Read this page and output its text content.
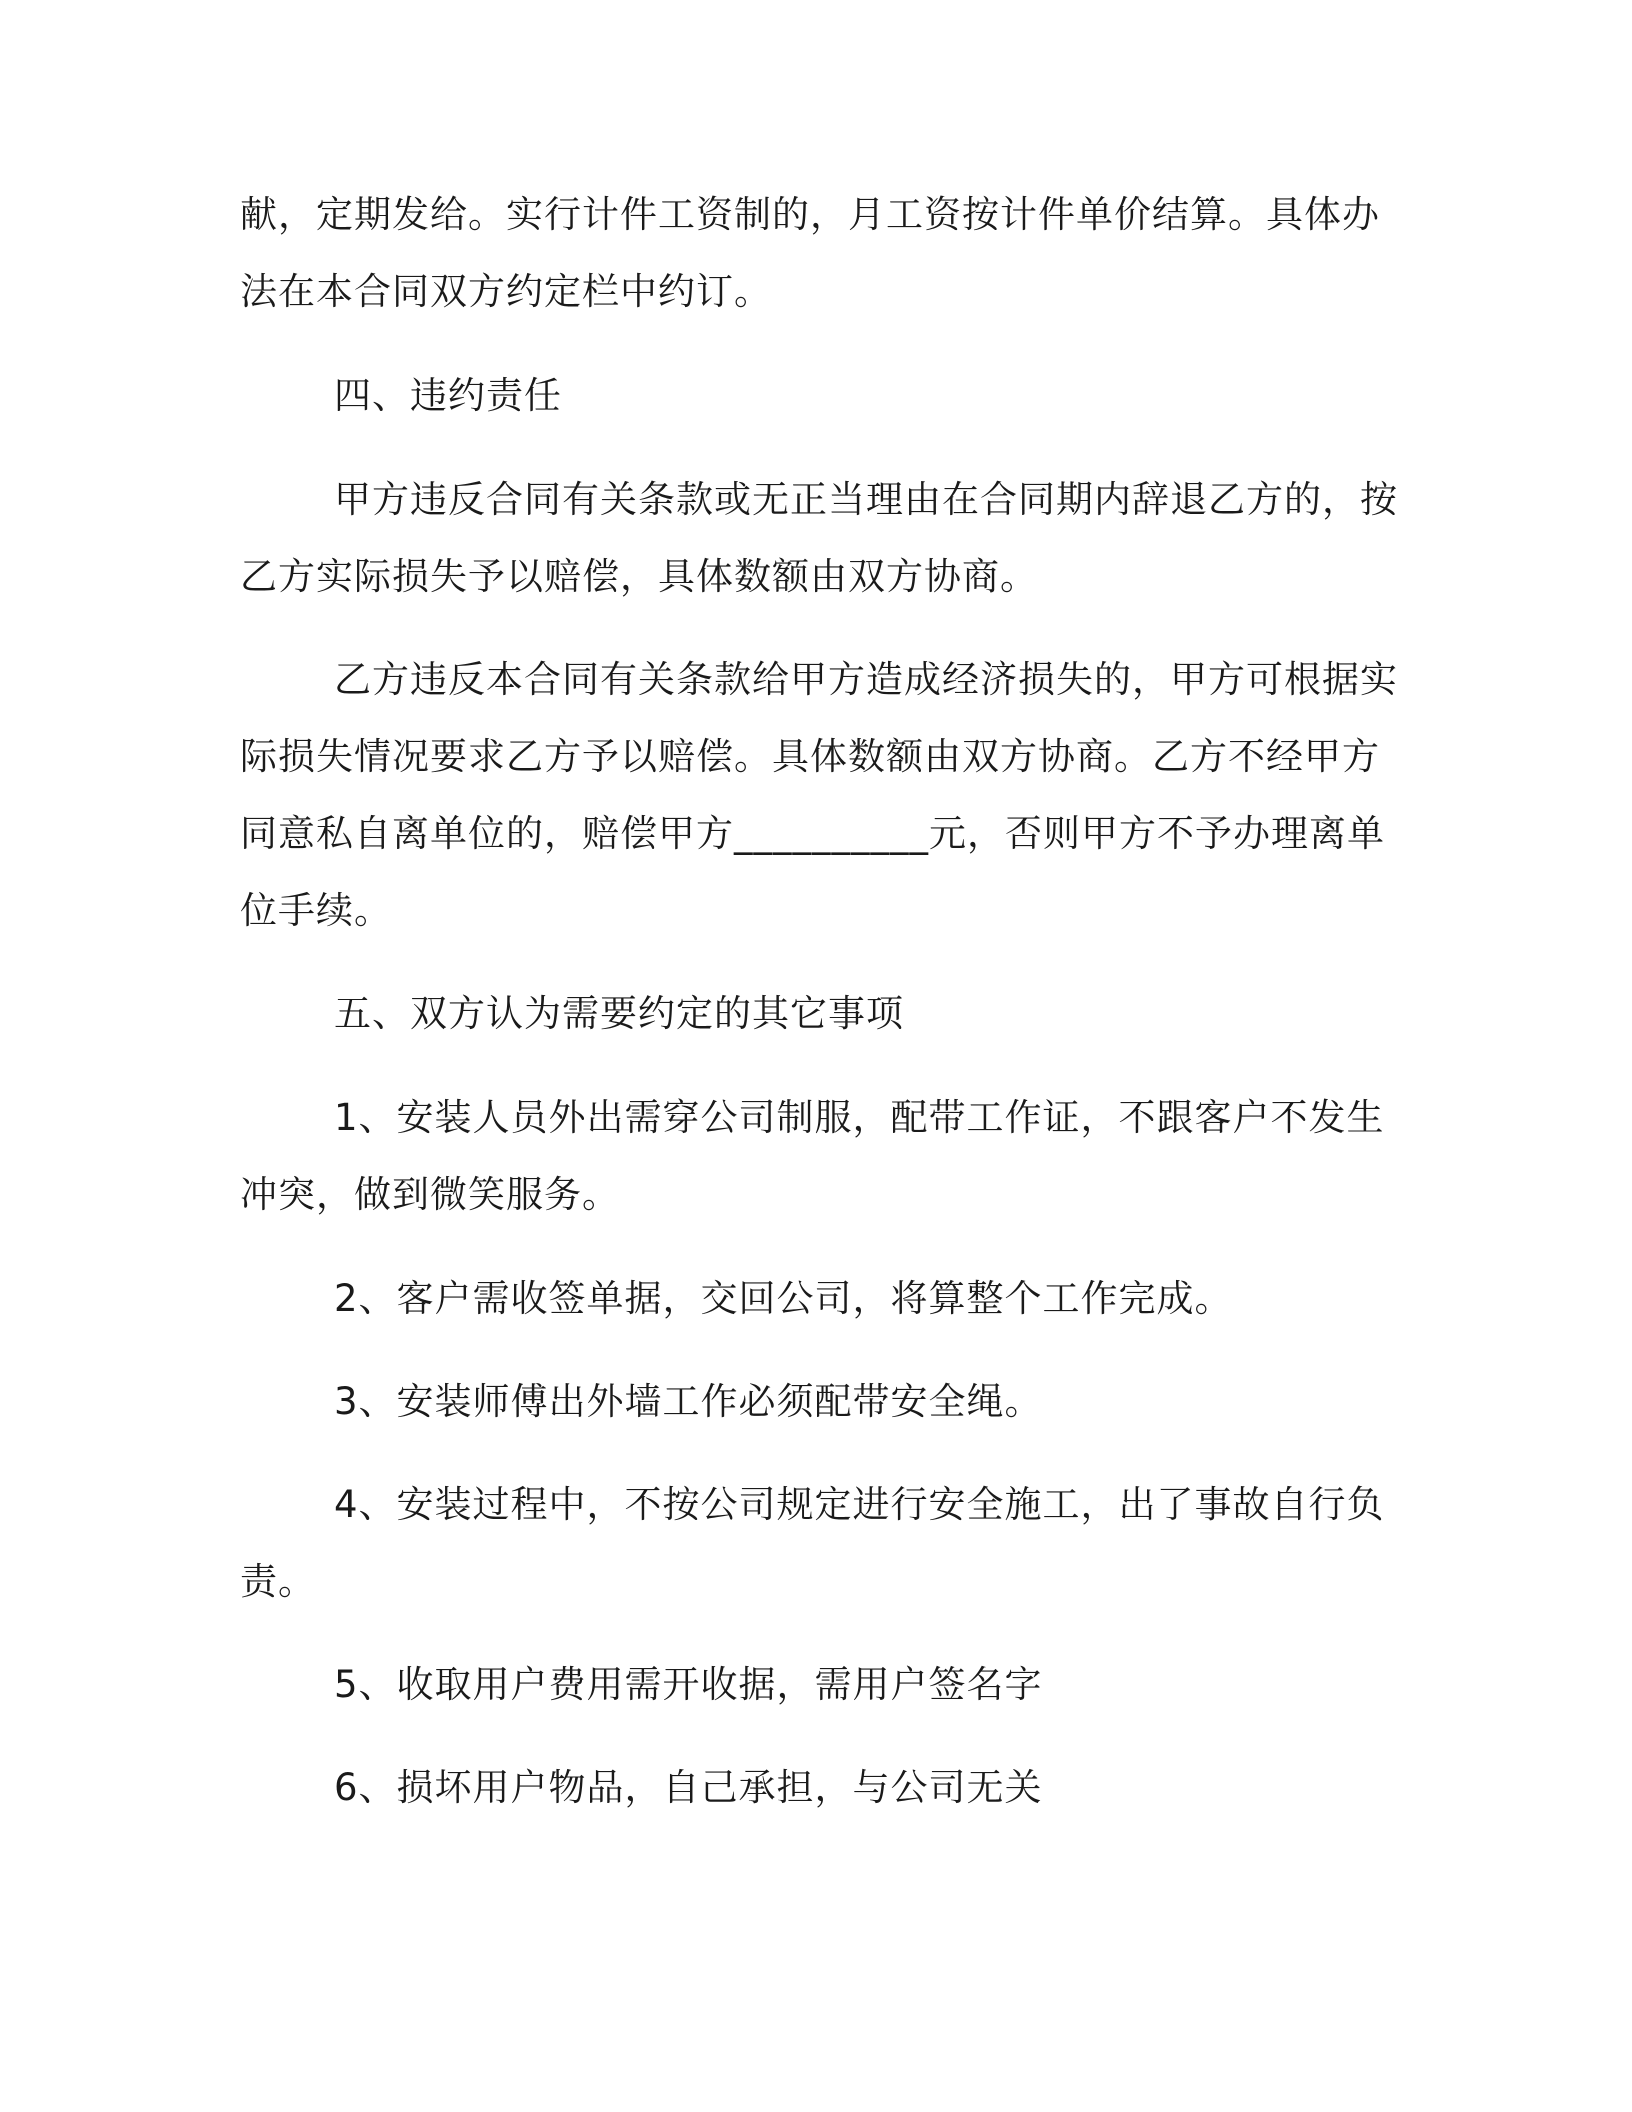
献，定期发给。实行计件工资制的，月工资按计件单价结算。具体办
法在本合同双方约定栏中约订。
四、违约责任
甲方违反合同有关条款或无正当理由在合同期内辞退乙方的，按
乙方实际损失予以赔偿，具体数额由双方协商。
乙方违反本合同有关条款给甲方造成经济损失的，甲方可根据实
际损失情况要求乙方予以赔偿。具体数额由双方协商。乙方不经甲方
同意私自离单位的，赔偿甲方__________元，否则甲方不予办理离单
位手续。
五、双方认为需要约定的其它事项
1、安装人员外出需穿公司制服，配带工作证，不跟客户不发生
冲突，做到微笑服务。
2、客户需收签单据，交回公司，将算整个工作完成。
3、安装师傅出外墙工作必须配带安全绳。
4、安装过程中，不按公司规定进行安全施工，出了事故自行负
责。
5、收取用户费用需开收据，需用户签名字
6、损坏用户物品，自己承担，与公司无关
